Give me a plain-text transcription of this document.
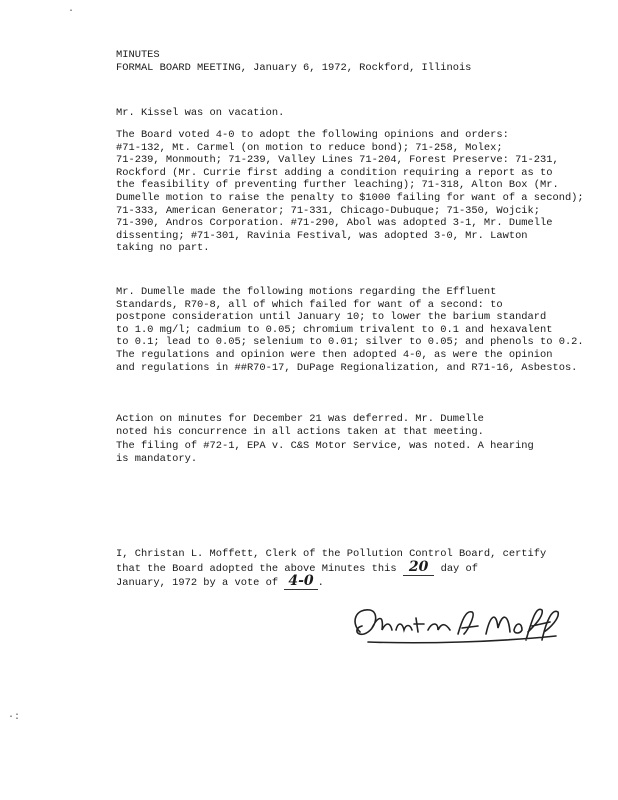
·
·:
MINUTES
FORMAL BOARD MEETING, January 6, 1972, Rockford, Illinois
Mr. Kissel was on vacation.
The Board voted 4-0 to adopt the following opinions and orders:
#71-132, Mt. Carmel (on motion to reduce bond); 71-258, Molex;
71-239, Monmouth; 71-239, Valley Lines 71-204, Forest Preserve: 71-231,
Rockford (Mr. Currie first adding a condition requiring a report as to
the feasibility of preventing further leaching); 71-318, Alton Box (Mr.
Dumelle motion to raise the penalty to $1000 failing for want of a second);
71-333, American Generator; 71-331, Chicago-Dubuque; 71-350, Wojcik;
71-390, Andros Corporation. #71-290, Abol was adopted 3-1, Mr. Dumelle
dissenting; #71-301, Ravinia Festival, was adopted 3-0, Mr. Lawton
taking no part.
Mr. Dumelle made the following motions regarding the Effluent
Standards, R70-8, all of which failed for want of a second: to
postpone consideration until January 10; to lower the barium standard
to 1.0 mg/l; cadmium to 0.05; chromium trivalent to 0.1 and hexavalent
to 0.1; lead to 0.05; selenium to 0.01; silver to 0.05; and phenols to 0.2.
The regulations and opinion were then adopted 4-0, as were the opinion
and regulations in ##R70-17, DuPage Regionalization, and R71-16, Asbestos.
Action on minutes for December 21 was deferred. Mr. Dumelle
noted his concurrence in all actions taken at that meeting.
The filing of #72-1, EPA v. C&S Motor Service, was noted. A hearing
is mandatory.
I, Christan L. Moffett, Clerk of the Pollution Control Board, certify
that the Board adopted the above Minutes this 20 day of
January, 1972 by a vote of 4-0 .
